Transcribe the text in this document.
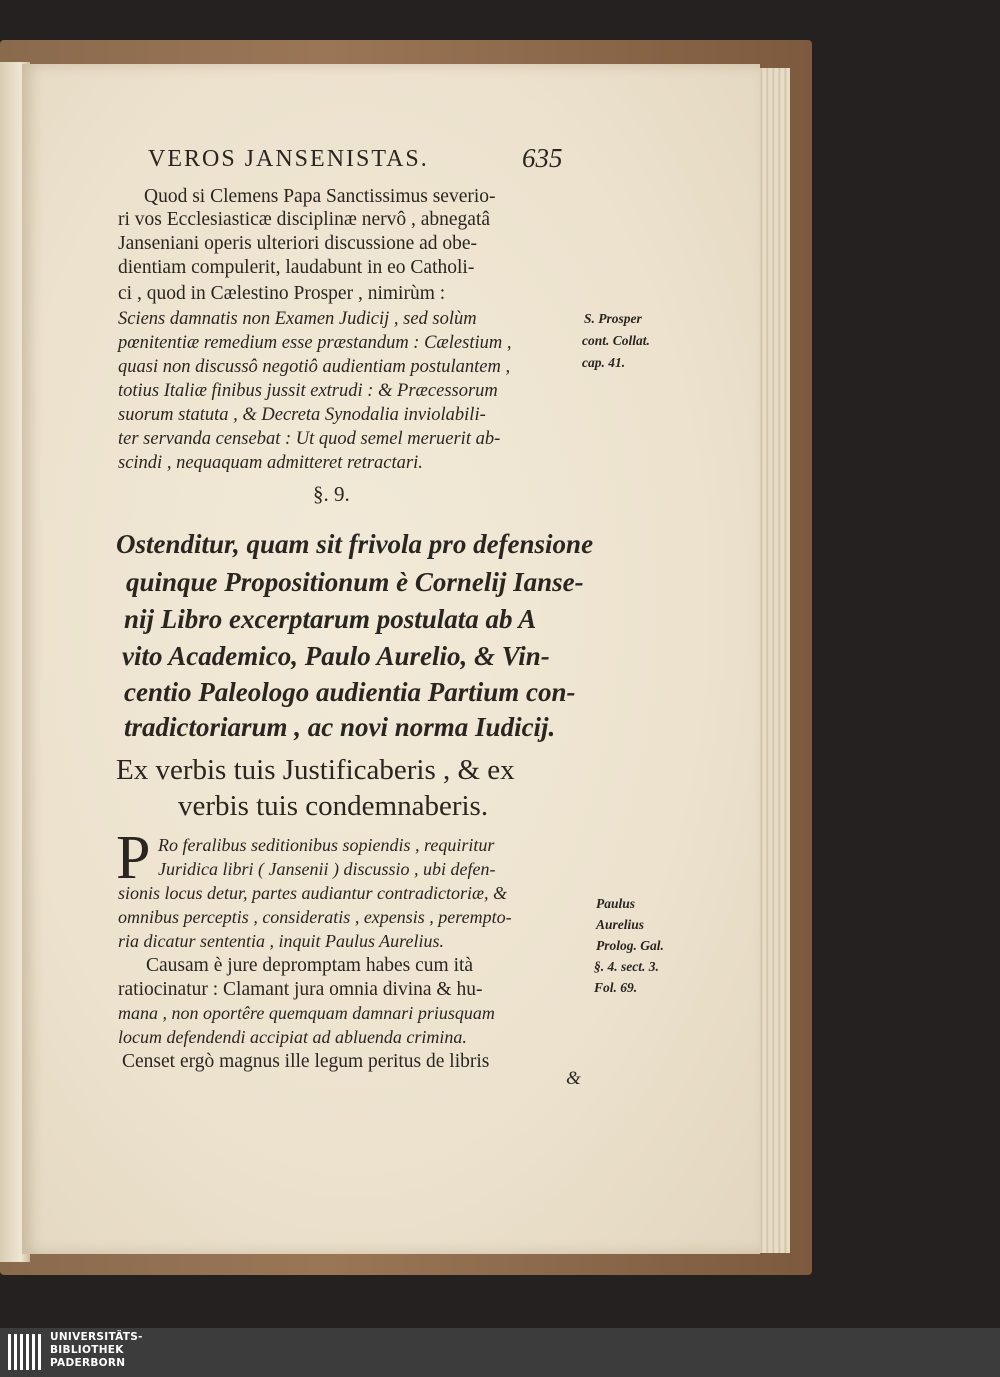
VEROS JANSENISTAS.	635
Quod si Clemens Papa Sanctissimus severio-
ri vos Ecclesiasticæ disciplinæ nervô , abnegatâ
Janseniani operis ulteriori discussione ad obe-
dientiam compulerit, laudabunt in eo Catholi-
ci , quod in Cælestino Prosper , nimirùm :
Sciens damnatis non Examen Judicij , sed solùm
pœnitentiæ remedium esse præstandum : Cælestium ,
quasi non discussô negotiô audientiam postulantem ,
totius Italiæ finibus jussit extrudi : & Præcessorum
suorum statuta , & Decreta Synodalia inviolabili-
ter servanda censebat : Ut quod semel meruerit ab-
scindi , nequaquam admitteret retractari.
S. Prosper
cont. Collat.
cap. 41.
§. 9.
Ostenditur, quam sit frivola pro defensione
quinque Propositionum è Cornelij Ianse-
nij Libro excerptarum postulata ab A
vito Academico, Paulo Aurelio, & Vin-
centio Paleologo audientia Partium con-
tradictoriarum , ac novi norma Iudicij.
Ex verbis tuis Justificaberis , & ex
verbis tuis condemnaberis.
P Ro feralibus seditionibus sopiendis , requiritur
Juridica libri ( Jansenii ) discussio , ubi defen-
sionis locus detur, partes audiantur contradictoriæ, &
omnibus perceptis , consideratis , expensis , perempto-
ria dicatur sententia , inquit Paulus Aurelius.
Causam è jure depromptam habes cum ità
ratiocinatur : Clamant jura omnia divina & hu-
mana , non oportêre quemquam damnari priusquam
locum defendendi accipiat ad abluenda crimina.
Censet ergò magnus ille legum peritus de libris
Paulus
Aurelius
Prolog. Gal.
§. 4. sect. 3.
Fol. 69.
&
UNIVERSITÄTS-
BIBLIOTHEK
PADERBORN
